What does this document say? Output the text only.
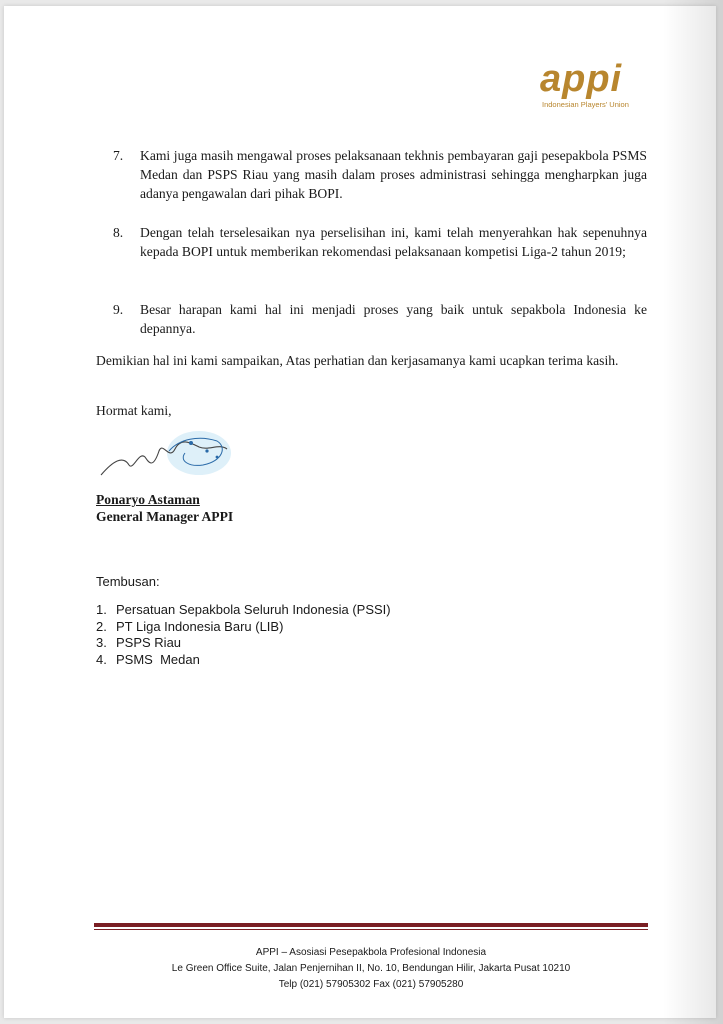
appi
Indonesian Players' Union
7.	Kami juga masih mengawal proses pelaksanaan tekhnis pembayaran gaji pesepakbola PSMS Medan dan PSPS Riau yang masih dalam proses administrasi sehingga mengharpkan juga adanya pengawalan dari pihak BOPI.
8.	Dengan telah terselesaikan nya perselisihan ini, kami telah menyerahkan hak sepenuhnya kepada BOPI untuk memberikan rekomendasi pelaksanaan kompetisi Liga-2 tahun 2019;
9.	Besar harapan kami hal ini menjadi proses yang baik untuk sepakbola Indonesia ke depannya.
Demikian hal ini kami sampaikan, Atas perhatian dan kerjasamanya kami ucapkan terima kasih.
Hormat kami,
Ponaryo Astaman
General Manager APPI
Tembusan:
1. Persatuan Sepakbola Seluruh Indonesia (PSSI)
2. PT Liga Indonesia Baru (LIB)
3. PSPS Riau
4. PSMS  Medan
APPI – Asosiasi Pesepakbola Profesional Indonesia
Le Green Office Suite, Jalan Penjernihan II, No. 10, Bendungan Hilir, Jakarta Pusat 10210
Telp (021) 57905302 Fax (021) 57905280
